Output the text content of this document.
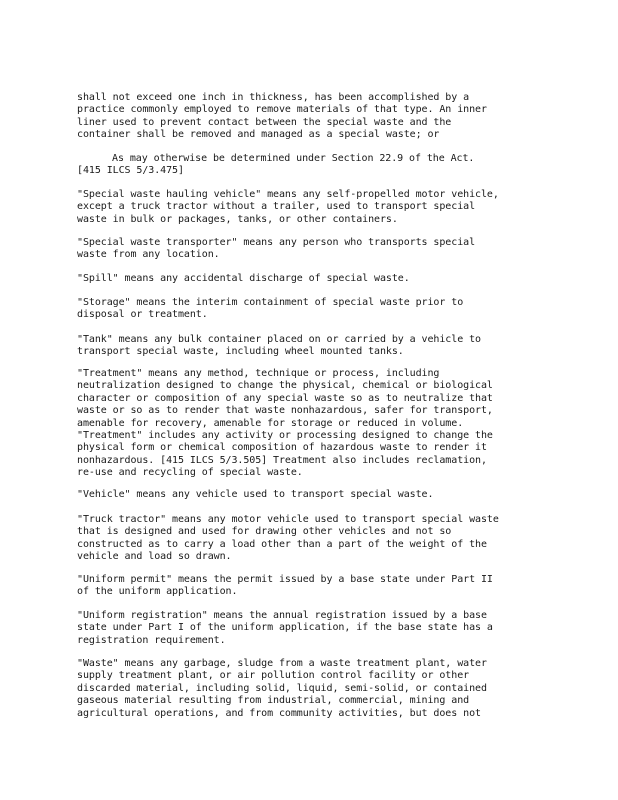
shall not exceed one inch in thickness, has been accomplished by a
practice commonly employed to remove materials of that type. An inner
liner used to prevent contact between the special waste and the
container shall be removed and managed as a special waste; or

As may otherwise be determined under Section 22.9 of the Act.

[415 ILCS 5/3.475]

"Special waste hauling vehicle" means any self-propelled motor vehicle,
except a truck tractor without a trailer, used to transport special
waste in bulk or packages, tanks, or other containers.

"Special waste transporter" means any person who transports special
waste from any location.

"Spill" means any accidental discharge of special waste.

"Storage" means the interim containment of special waste prior to
disposal or treatment.

"Tank" means any bulk container placed on or carried by a vehicle to
transport special waste, including wheel mounted tanks.

"Treatment" means any method, technique or process, including
neutralization designed to change the physical, chemical or biological
character or composition of any special waste so as to neutralize that
waste or so as to render that waste nonhazardous, safer for transport,
amenable for recovery, amenable for storage or reduced in volume.
"Treatment" includes any activity or processing designed to change the
physical form or chemical composition of hazardous waste to render it
nonhazardous. [415 ILCS 5/3.505] Treatment also includes reclamation,
re-use and recycling of special waste.

"Vehicle" means any vehicle used to transport special waste.

"Truck tractor" means any motor vehicle used to transport special waste
that is designed and used for drawing other vehicles and not so
constructed as to carry a load other than a part of the weight of the
vehicle and load so drawn.

"Uniform permit" means the permit issued by a base state under Part II
of the uniform application.

"Uniform registration" means the annual registration issued by a base
state under Part I of the uniform application, if the base state has a
registration requirement.

"Waste" means any garbage, sludge from a waste treatment plant, water
supply treatment plant, or air pollution control facility or other
discarded material, including solid, liquid, semi-solid, or contained
gaseous material resulting from industrial, commercial, mining and
agricultural operations, and from community activities, but does not
